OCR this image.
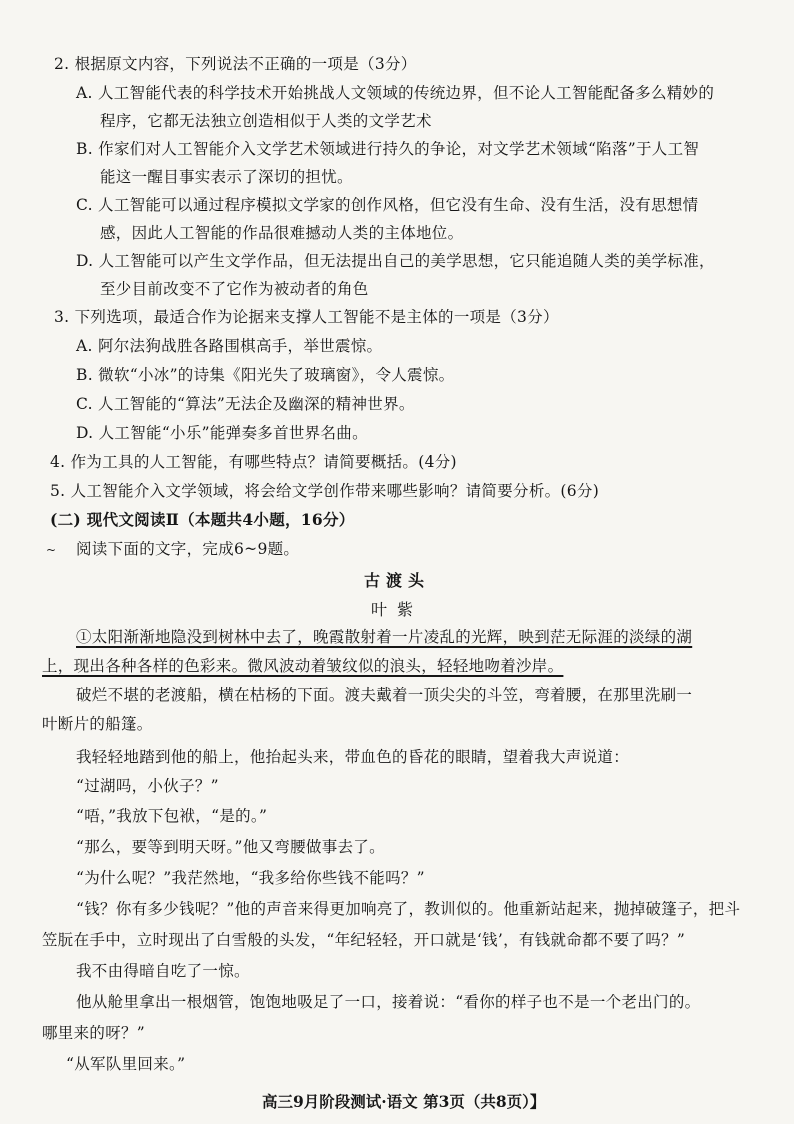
2. 根据原文内容，下列说法不正确的一项是（3分）
A. 人工智能代表的科学技术开始挑战人文领域的传统边界，但不论人工智能配备多么精妙的
程序，它都无法独立创造相似于人类的文学艺术
B. 作家们对人工智能介入文学艺术领域进行持久的争论，对文学艺术领域“陷落”于人工智
能这一醒目事实表示了深切的担忧。
C. 人工智能可以通过程序模拟文学家的创作风格，但它没有生命、没有生活，没有思想情
感，因此人工智能的作品很难撼动人类的主体地位。
D. 人工智能可以产生文学作品，但无法提出自己的美学思想，它只能追随人类的美学标准，
至少目前改变不了它作为被动者的角色
3. 下列选项，最适合作为论据来支撑人工智能不是主体的一项是（3分）
A. 阿尔法狗战胜各路围棋高手，举世震惊。
B. 微软“小冰”的诗集《阳光失了玻璃窗》，令人震惊。
C. 人工智能的“算法”无法企及幽深的精神世界。
D. 人工智能“小乐”能弹奏多首世界名曲。
4. 作为工具的人工智能，有哪些特点？请简要概括。(4分)
5. 人工智能介入文学领域，将会给文学创作带来哪些影响？请简要分析。(6分)
(二) 现代文阅读Ⅱ（本题共4小题，16分）
~ 阅读下面的文字，完成6~9题。
古渡头
叶紫
①太阳渐渐地隐没到树林中去了，晚霞散射着一片凌乱的光辉，映到茫无际涯的淡绿的湖
上，现出各种各样的色彩来。微风波动着皱纹似的浪头，轻轻地吻着沙岸。
破烂不堪的老渡船，横在枯杨的下面。渡夫戴着一顶尖尖的斗笠，弯着腰，在那里洗刷一
叶断片的船篷。
我轻轻地踏到他的船上，他抬起头来，带血色的昏花的眼睛，望着我大声说道：
“过湖吗，小伙子？”
“唔，”我放下包袱，“是的。”
“那么，要等到明天呀。”他又弯腰做事去了。
“为什么呢？”我茫然地，“我多给你些钱不能吗？”
“钱？你有多少钱呢？”他的声音来得更加响亮了，教训似的。他重新站起来，抛掉破篷子，把斗
笠朊在手中，立时现出了白雪般的头发，“年纪轻轻，开口就是‘钱’，有钱就命都不要了吗？”
我不由得暗自吃了一惊。
他从舱里拿出一根烟管，饱饱地吸足了一口，接着说：“看你的样子也不是一个老出门的。
哪里来的呀？”
“从军队里回来。”
高三9月阶段测试·语文 第3页（共8页）】
